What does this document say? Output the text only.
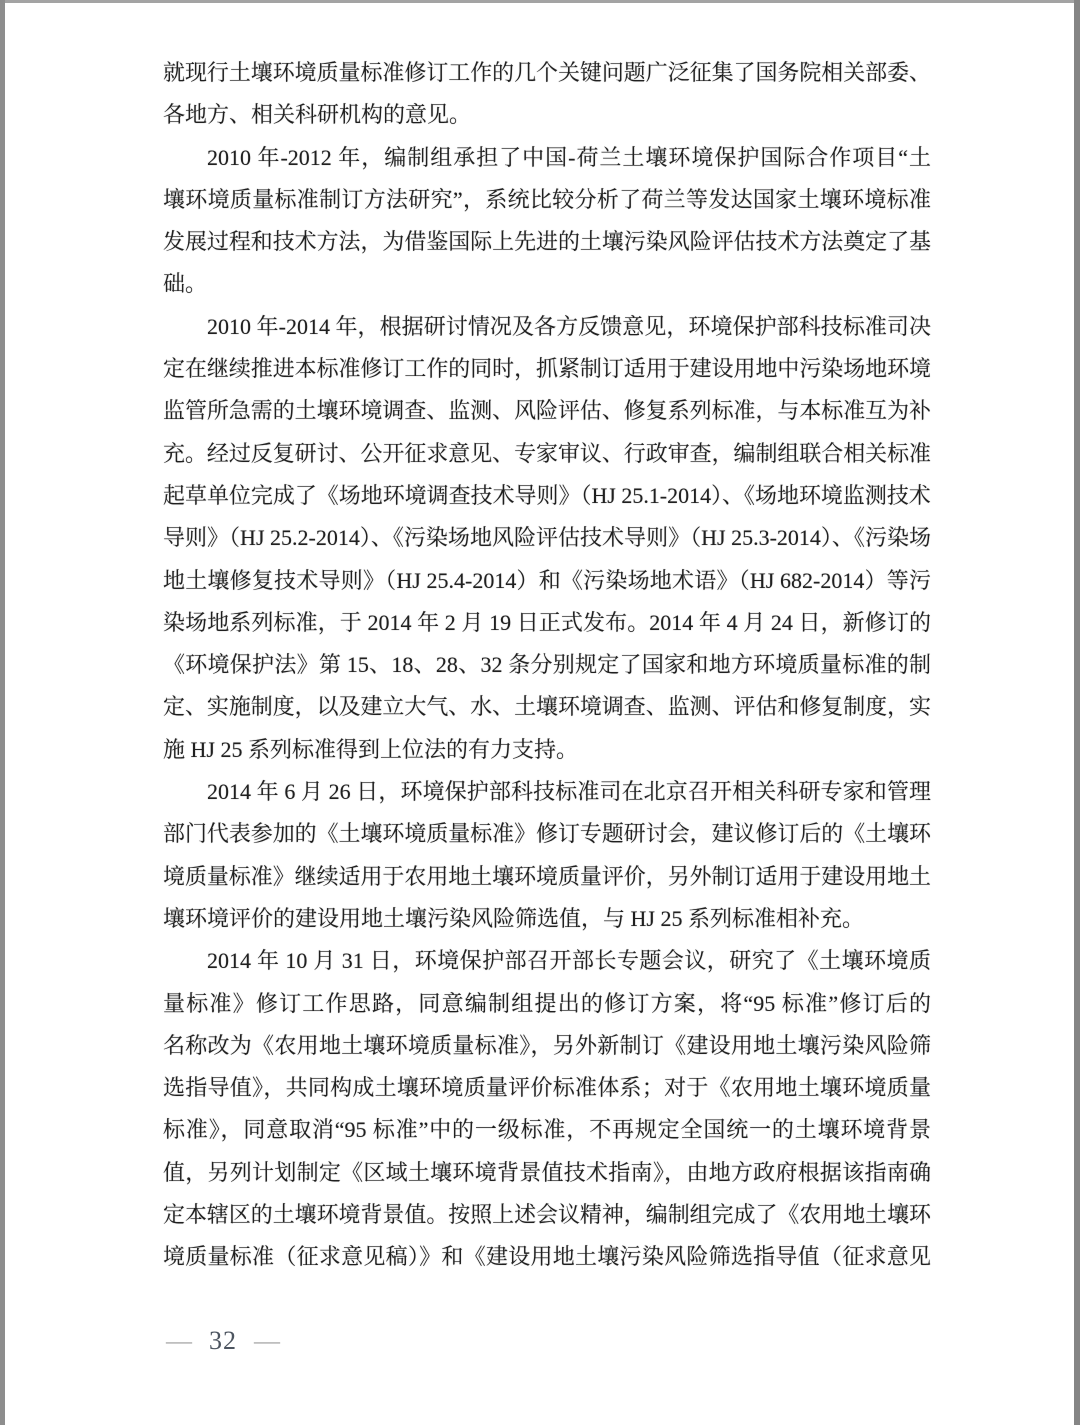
就现行土壤环境质量标准修订工作的几个关键问题广泛征集了国务院相关部委、
各地方、相关科研机构的意见。
2010 年-2012 年，编制组承担了中国-荷兰土壤环境保护国际合作项目“土
壤环境质量标准制订方法研究”，系统比较分析了荷兰等发达国家土壤环境标准
发展过程和技术方法，为借鉴国际上先进的土壤污染风险评估技术方法奠定了基
础。
2010 年-2014 年，根据研讨情况及各方反馈意见，环境保护部科技标准司决
定在继续推进本标准修订工作的同时，抓紧制订适用于建设用地中污染场地环境
监管所急需的土壤环境调查、监测、风险评估、修复系列标准，与本标准互为补
充。经过反复研讨、公开征求意见、专家审议、行政审查，编制组联合相关标准
起草单位完成了《场地环境调查技术导则》（HJ 25.1-2014）、《场地环境监测技术
导则》（HJ 25.2-2014）、《污染场地风险评估技术导则》（HJ 25.3-2014）、《污染场
地土壤修复技术导则》（HJ 25.4-2014）和《污染场地术语》（HJ 682-2014）等污
染场地系列标准，于 2014 年 2 月 19 日正式发布。2014 年 4 月 24 日，新修订的
《环境保护法》第 15、18、28、32 条分别规定了国家和地方环境质量标准的制
定、实施制度，以及建立大气、水、土壤环境调查、监测、评估和修复制度，实
施 HJ 25 系列标准得到上位法的有力支持。
2014 年 6 月 26 日，环境保护部科技标准司在北京召开相关科研专家和管理
部门代表参加的《土壤环境质量标准》修订专题研讨会，建议修订后的《土壤环
境质量标准》继续适用于农用地土壤环境质量评价，另外制订适用于建设用地土
壤环境评价的建设用地土壤污染风险筛选值，与 HJ 25 系列标准相补充。
2014 年 10 月 31 日，环境保护部召开部长专题会议，研究了《土壤环境质
量标准》修订工作思路，同意编制组提出的修订方案，将“95 标准”修订后的
名称改为《农用地土壤环境质量标准》，另外新制订《建设用地土壤污染风险筛
选指导值》，共同构成土壤环境质量评价标准体系；对于《农用地土壤环境质量
标准》，同意取消“95 标准”中的一级标准，不再规定全国统一的土壤环境背景
值，另列计划制定《区域土壤环境背景值技术指南》，由地方政府根据该指南确
定本辖区的土壤环境背景值。按照上述会议精神，编制组完成了《农用地土壤环
境质量标准（征求意见稿）》和《建设用地土壤污染风险筛选指导值（征求意见
— 32 —
